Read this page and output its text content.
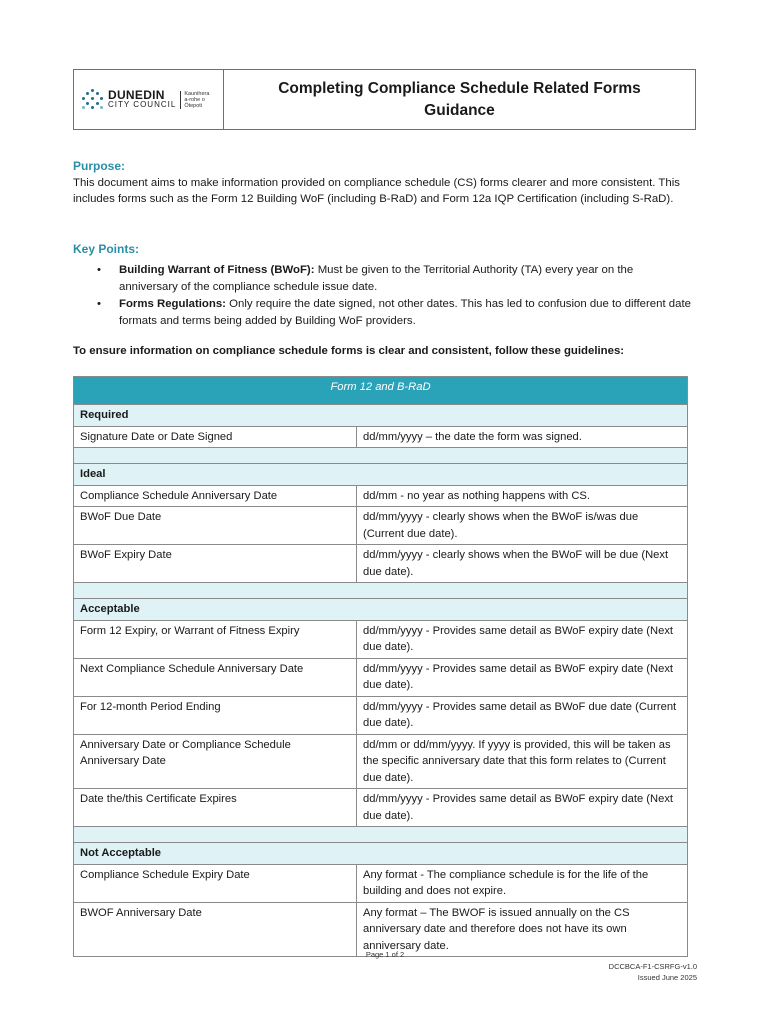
DUNEDIN
CITY COUNCIL
Kaunihera
a-rohe o
Ōtepoti
Completing Compliance Schedule Related Forms
Guidance
Purpose:
This document aims to make information provided on compliance schedule (CS) forms clearer and more consistent. This includes forms such as the Form 12 Building WoF (including B-RaD) and Form 12a IQP Certification (including S-RaD).
Key Points:
• Building Warrant of Fitness (BWoF): Must be given to the Territorial Authority (TA) every year on the anniversary of the compliance schedule issue date.
• Forms Regulations: Only require the date signed, not other dates. This has led to confusion due to different date formats and terms being added by Building WoF providers.
To ensure information on compliance schedule forms is clear and consistent, follow these guidelines:
Form 12 and B-RaD	
Required	
Signature Date or Date Signed	dd/mm/yyyy – the date the form was signed.

Ideal	
Compliance Schedule Anniversary Date	dd/mm - no year as nothing happens with CS.
BWoF Due Date	dd/mm/yyyy - clearly shows when the BWoF is/was due (Current due date).
BWoF Expiry Date	dd/mm/yyyy - clearly shows when the BWoF will be due (Next due date).

Acceptable	
Form 12 Expiry, or Warrant of Fitness Expiry	dd/mm/yyyy - Provides same detail as BWoF expiry date (Next due date).
Next Compliance Schedule Anniversary Date	dd/mm/yyyy - Provides same detail as BWoF expiry date (Next due date).
For 12-month Period Ending	dd/mm/yyyy - Provides same detail as BWoF due date (Current due date).
Anniversary Date or Compliance Schedule Anniversary Date	dd/mm or dd/mm/yyyy. If yyyy is provided, this will be taken as the specific anniversary date that this form relates to (Current due date).
Date the/this Certificate Expires	dd/mm/yyyy - Provides same detail as BWoF expiry date (Next due date).

Not Acceptable	
Compliance Schedule Expiry Date	Any format - The compliance schedule is for the life of the building and does not expire.
BWOF Anniversary Date	Any format – The BWOF is issued annually on the CS anniversary date and therefore does not have its own anniversary date.
Page 1 of 2
DCCBCA-F1-CSRFG-v1.0
Issued June 2025
